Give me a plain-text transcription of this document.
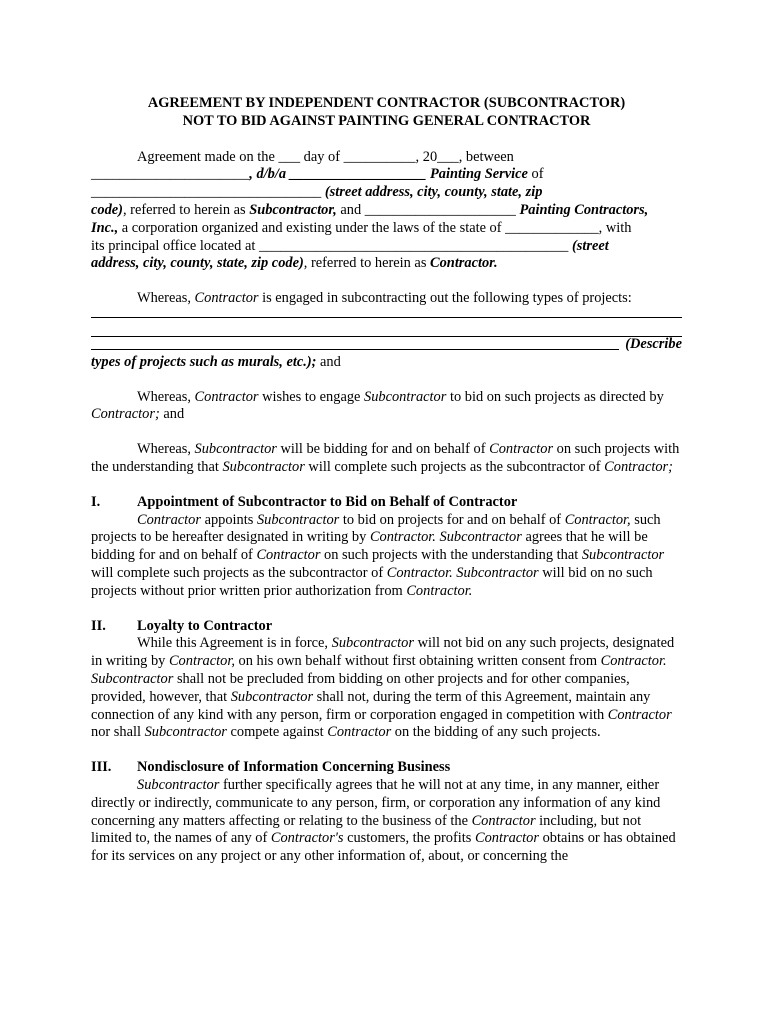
AGREEMENT BY INDEPENDENT CONTRACTOR (SUBCONTRACTOR)

NOT TO BID AGAINST PAINTING GENERAL CONTRACTOR

Agreement made on the ___ day of __________, 20___, between

______________________, d/b/a ___________________ Painting Service of

________________________________ (street address, city, county, state, zip

code), referred to herein as Subcontractor, and _____________________ Painting Contractors,

Inc., a corporation organized and existing under the laws of the state of _____________, with

its principal office located at ___________________________________________ (street

address, city, county, state, zip code), referred to herein as Contractor.

Whereas, Contractor is engaged in subcontracting out the following types of projects:

(Describe

types of projects such as murals, etc.); and

Whereas, Contractor wishes to engage Subcontractor to bid on such projects as directed by Contractor; and

Whereas, Subcontractor will be bidding for and on behalf of Contractor on such projects with the understanding that Subcontractor will complete such projects as the subcontractor of Contractor;

I.	Appointment of Subcontractor to Bid on Behalf of Contractor

Contractor appoints Subcontractor to bid on projects for and on behalf of Contractor, such projects to be hereafter designated in writing by Contractor. Subcontractor agrees that he will be bidding for and on behalf of Contractor on such projects with the understanding that Subcontractor will complete such projects as the subcontractor of Contractor. Subcontractor will bid on no such projects without prior written prior authorization from Contractor.

II.	Loyalty to Contractor

While this Agreement is in force, Subcontractor will not bid on any such projects, designated in writing by Contractor, on his own behalf without first obtaining written consent from Contractor. Subcontractor shall not be precluded from bidding on other projects and for other companies, provided, however, that Subcontractor shall not, during the term of this Agreement, maintain any connection of any kind with any person, firm or corporation engaged in competition with Contractor nor shall Subcontractor compete against Contractor on the bidding of any such projects.

III.	Nondisclosure of Information Concerning Business

Subcontractor further specifically agrees that he will not at any time, in any manner, either directly or indirectly, communicate to any person, firm, or corporation any information of any kind concerning any matters affecting or relating to the business of the Contractor including, but not limited to, the names of any of Contractor's customers, the profits Contractor obtains or has obtained for its services on any project or any other information of, about, or concerning the
